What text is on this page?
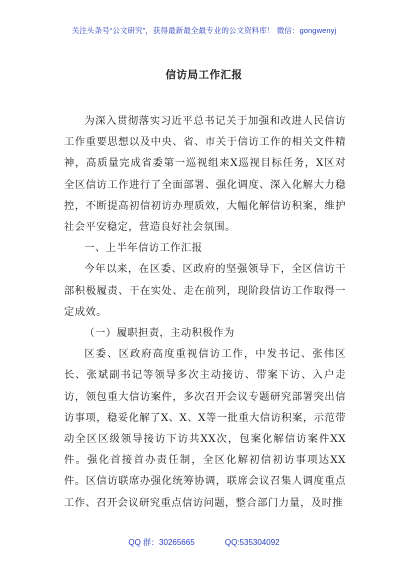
关注头条号“公文研究”，获得最新最全最专业的公文资料库！ 微信：gongwenyj
信访局工作汇报

为深入贯彻落实习近平总书记关于加强和改进人民信访工作重要思想以及中央、省、市关于信访工作的相关文件精神，高质量完成省委第一巡视组来X巡视目标任务，X区对全区信访工作进行了全面部署、强化调度、深入化解大力稳控，不断提高初信初访办理质效，大幅化解信访积案，维护社会平安稳定，营造良好社会氛围。

一、上半年信访工作汇报

今年以来，在区委、区政府的坚强领导下，全区信访干部积极履责、干在实处、走在前列，现阶段信访工作取得一定成效。

（一）履职担责，主动积极作为

区委、区政府高度重视信访工作，中发书记、张伟区长、张斌副书记等领导多次主动接访、带案下访、入户走访，领包重大信访案件，多次召开会议专题研究部署突出信访事项，稳妥化解了X、X、X等一批重大信访积案，示范带动全区区级领导接访下访共XX次，包案化解信访案件XX件。强化首接首办责任制，全区化解初信初访事项达XX件。区信访联席办强化统筹协调，联席会议召集人调度重点工作、召开会议研究重点信访问题，整合部门力量，及时推

QQ 群：30265665	QQ:535304092
